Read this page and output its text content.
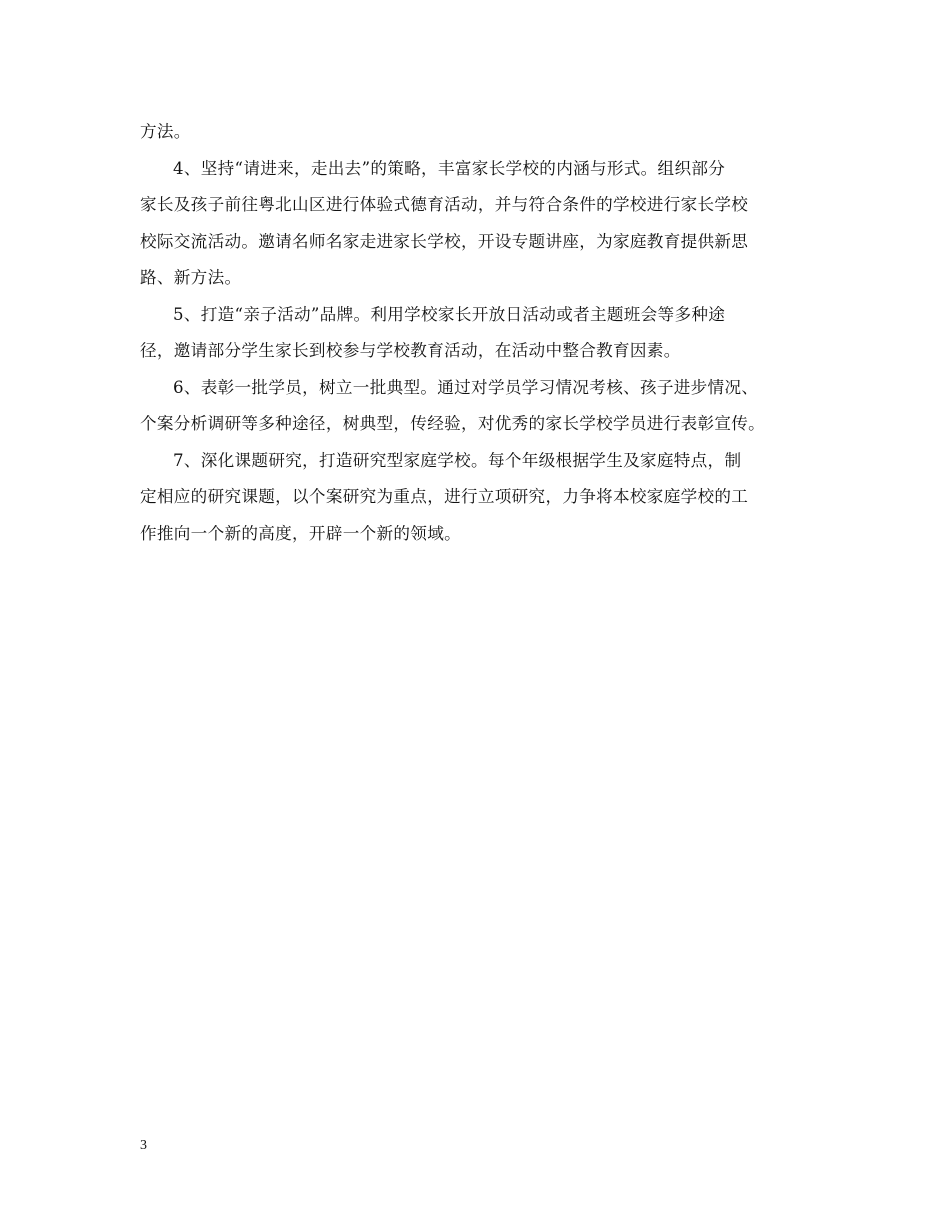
方法。
4、坚持“请进来，走出去”的策略，丰富家长学校的内涵与形式。组织部分
家长及孩子前往粤北山区进行体验式德育活动，并与符合条件的学校进行家长学校
校际交流活动。邀请名师名家走进家长学校，开设专题讲座，为家庭教育提供新思
路、新方法。
5、打造“亲子活动”品牌。利用学校家长开放日活动或者主题班会等多种途
径，邀请部分学生家长到校参与学校教育活动，在活动中整合教育因素。
6、表彰一批学员，树立一批典型。通过对学员学习情况考核、孩子进步情况、
个案分析调研等多种途径，树典型，传经验，对优秀的家长学校学员进行表彰宣传。
7、深化课题研究，打造研究型家庭学校。每个年级根据学生及家庭特点，制
定相应的研究课题，以个案研究为重点，进行立项研究，力争将本校家庭学校的工
作推向一个新的高度，开辟一个新的领域。
3
